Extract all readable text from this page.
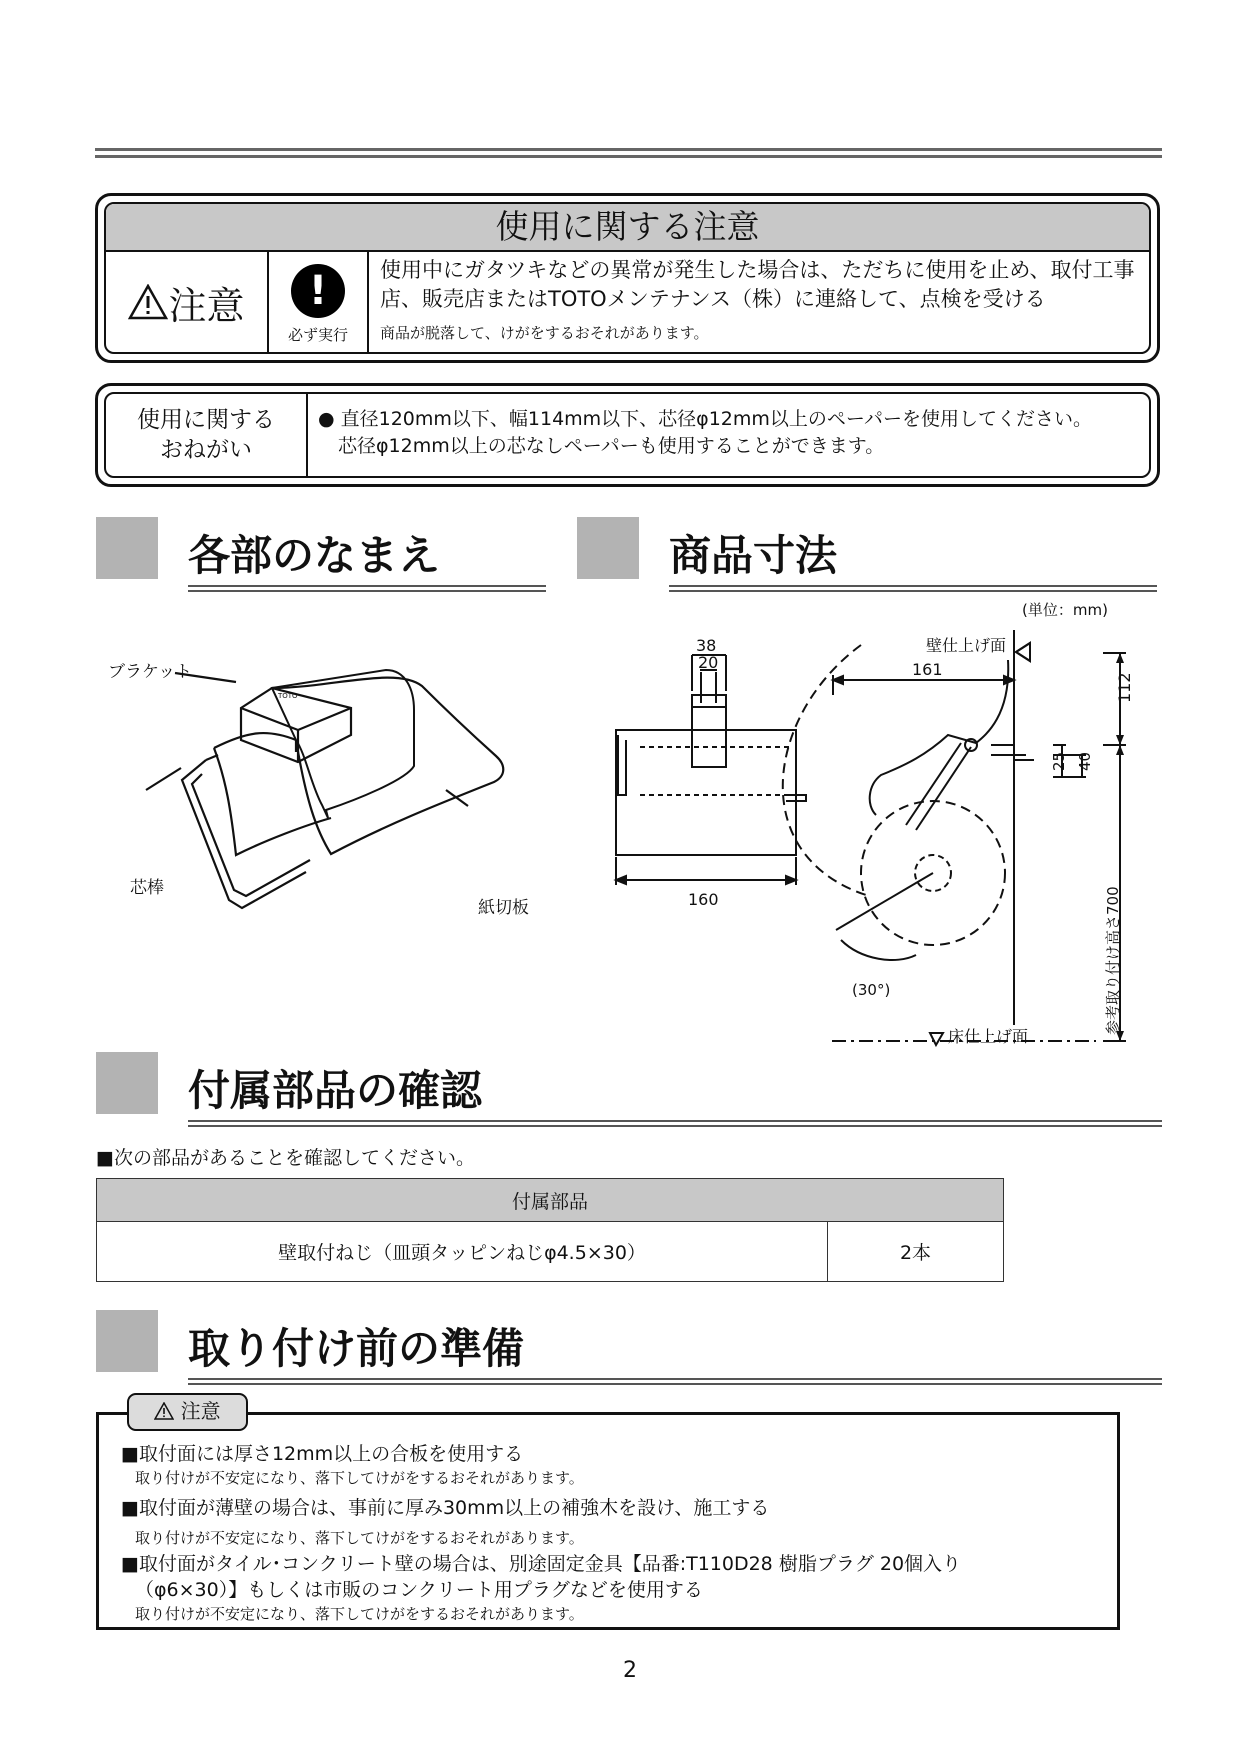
使用に関する注意
注意	!
必ず実行
使用中にガタツキなどの異常が発生した場合は、ただちに使用を止め、取付工事
店、販売店またはTOTOメンテナンス（株）に連絡して、点検を受ける
商品が脱落して、けがをするおそれがあります。
使用に関する
おねがい
● 直径120mm以下、幅114mm以下、芯径φ12mm以上のペーパーを使用してください。
芯径φ12mm以上の芯なしペーパーも使用することができます。
各部のなまえ	商品寸法
TOTO
ブラケット
芯棒
紙切板
(単位：mm)
壁仕上げ面
161
38
20
160
(30°)
床仕上げ面
112
25 40
参考取り付け高さ700
付属部品の確認
■次の部品があることを確認してください。
付属部品
壁取付ねじ（皿頭タッピンねじφ4.5×30）	2本
取り付け前の準備
■取付面には厚さ12mm以上の合板を使用する
取り付けが不安定になり、落下してけがをするおそれがあります。
■取付面が薄壁の場合は、事前に厚み30mm以上の補強木を設け、施工する
取り付けが不安定になり、落下してけがをするおそれがあります。
■取付面がタイル･コンクリート壁の場合は、別途固定金具【品番:T110D28 樹脂プラグ 20個入り
（φ6×30）】もしくは市販のコンクリート用プラグなどを使用する
取り付けが不安定になり、落下してけがをするおそれがあります。
注意
2
